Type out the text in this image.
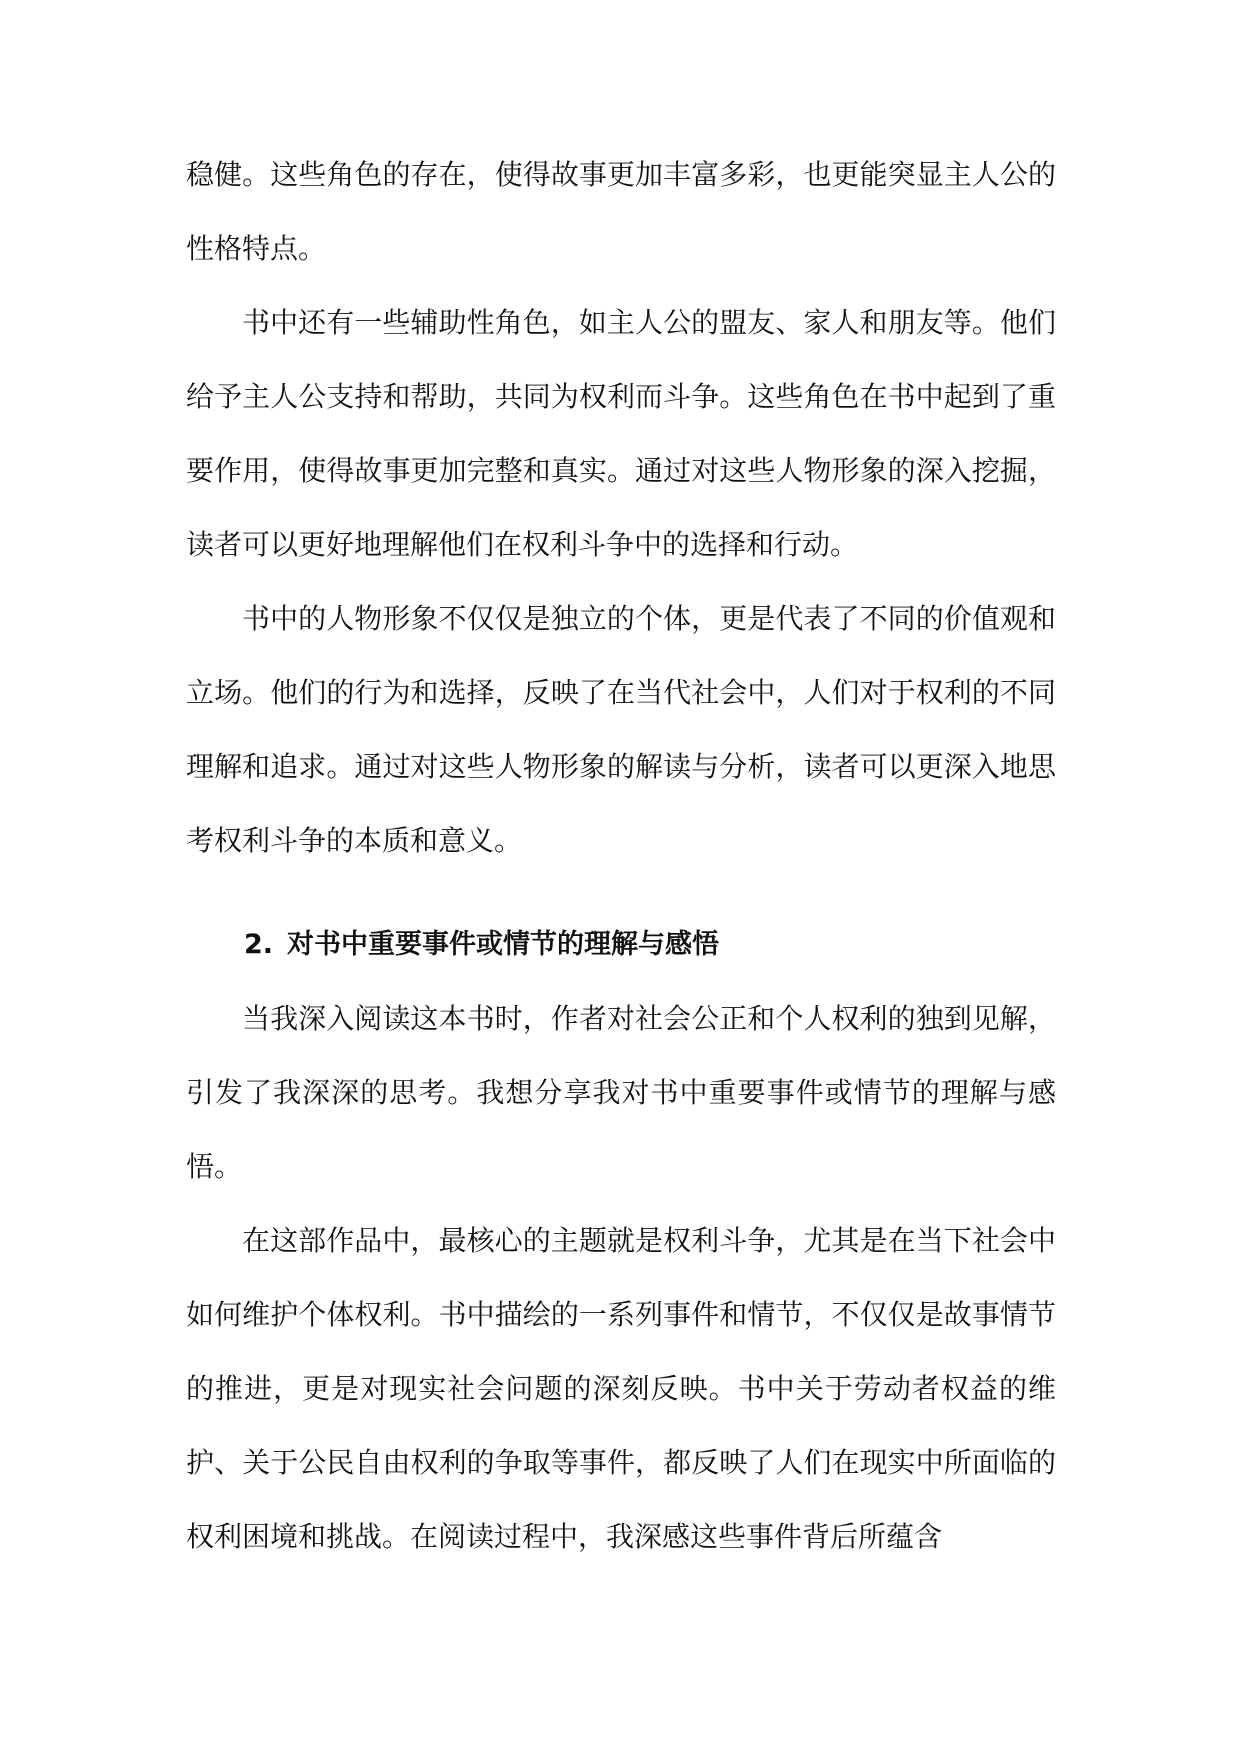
稳健。这些角色的存在，使得故事更加丰富多彩，也更能突显主人公的性格特点。

书中还有一些辅助性角色，如主人公的盟友、家人和朋友等。他们给予主人公支持和帮助，共同为权利而斗争。这些角色在书中起到了重要作用，使得故事更加完整和真实。通过对这些人物形象的深入挖掘，读者可以更好地理解他们在权利斗争中的选择和行动。

书中的人物形象不仅仅是独立的个体，更是代表了不同的价值观和立场。他们的行为和选择，反映了在当代社会中，人们对于权利的不同理解和追求。通过对这些人物形象的解读与分析，读者可以更深入地思考权利斗争的本质和意义。

2. 对书中重要事件或情节的理解与感悟

当我深入阅读这本书时，作者对社会公正和个人权利的独到见解，引发了我深深的思考。我想分享我对书中重要事件或情节的理解与感悟。

在这部作品中，最核心的主题就是权利斗争，尤其是在当下社会中如何维护个体权利。书中描绘的一系列事件和情节，不仅仅是故事情节的推进，更是对现实社会问题的深刻反映。书中关于劳动者权益的维护、关于公民自由权利的争取等事件，都反映了人们在现实中所面临的权利困境和挑战。在阅读过程中，我深感这些事件背后所蕴含
